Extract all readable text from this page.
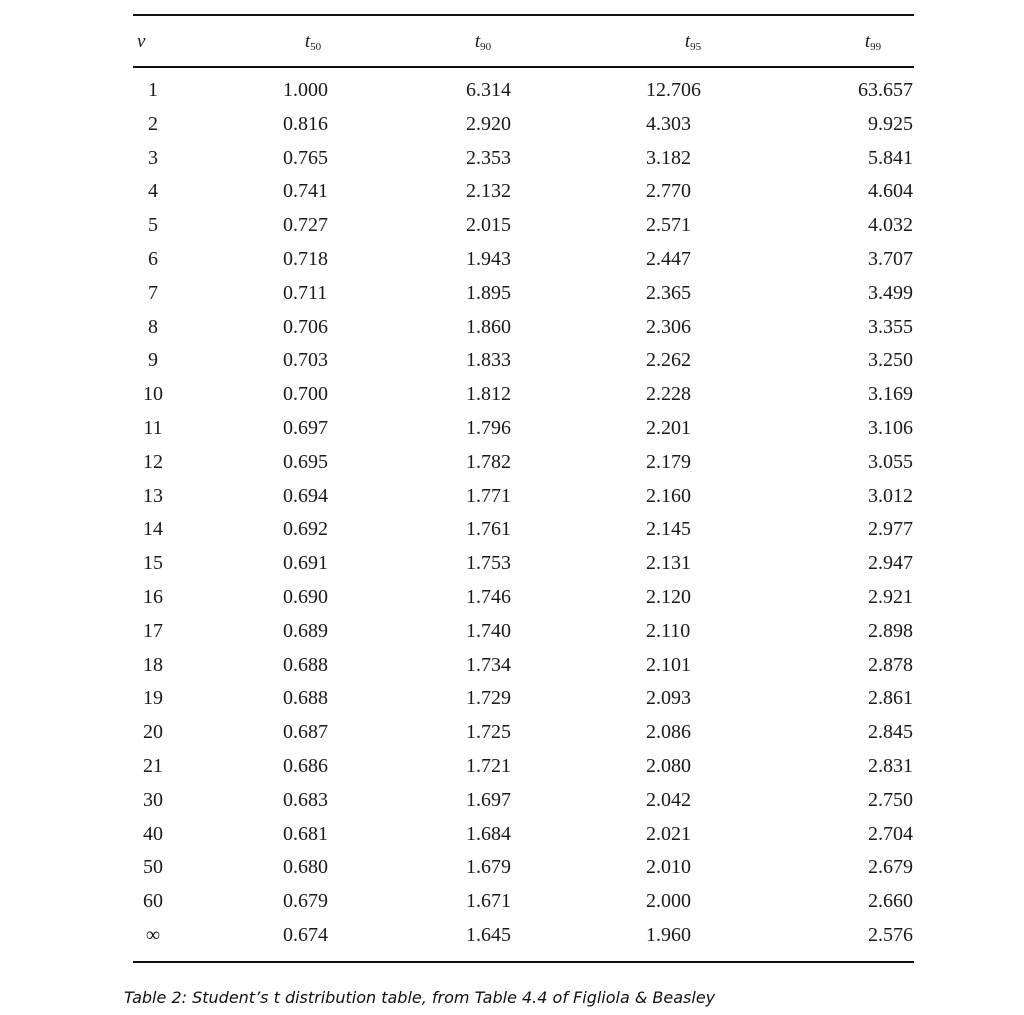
ν	$t_{50}$	$t_{90}$	$t_{95}$	$t_{99}$
1	1.000	6.314	12.706	63.657
2	0.816	2.920	4.303	9.925
3	0.765	2.353	3.182	5.841
4	0.741	2.132	2.770	4.604
5	0.727	2.015	2.571	4.032
6	0.718	1.943	2.447	3.707
7	0.711	1.895	2.365	3.499
8	0.706	1.860	2.306	3.355
9	0.703	1.833	2.262	3.250
10	0.700	1.812	2.228	3.169
11	0.697	1.796	2.201	3.106
12	0.695	1.782	2.179	3.055
13	0.694	1.771	2.160	3.012
14	0.692	1.761	2.145	2.977
15	0.691	1.753	2.131	2.947
16	0.690	1.746	2.120	2.921
17	0.689	1.740	2.110	2.898
18	0.688	1.734	2.101	2.878
19	0.688	1.729	2.093	2.861
20	0.687	1.725	2.086	2.845
21	0.686	1.721	2.080	2.831
30	0.683	1.697	2.042	2.750
40	0.681	1.684	2.021	2.704
50	0.680	1.679	2.010	2.679
60	0.679	1.671	2.000	2.660
∞	0.674	1.645	1.960	2.576
Table 2: Student’s t distribution table, from Table 4.4 of Figliola & Beasley
